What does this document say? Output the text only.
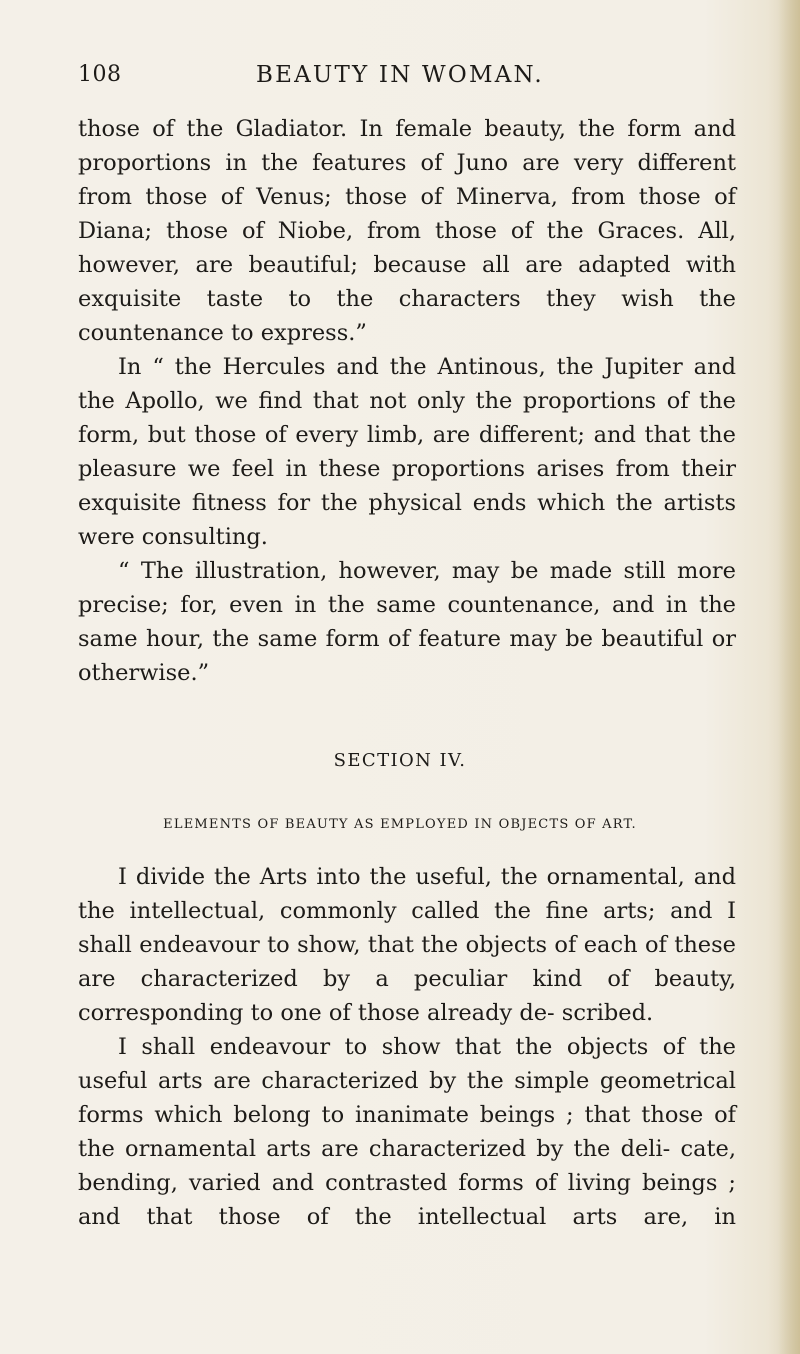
108	BEAUTY IN WOMAN.

those of the Gladiator. In female beauty, the form and proportions in the features of Juno are very different from those of Venus; those of Minerva, from those of Diana; those of Niobe, from those of the Graces. All, however, are beautiful; because all are adapted with exquisite taste to the characters they wish the countenance to express.”

In “ the Hercules and the Antinous, the Jupiter and the Apollo, we find that not only the proportions of the form, but those of every limb, are different; and that the pleasure we feel in these proportions arises from their exquisite fitness for the physical ends which the artists were consulting.

“ The illustration, however, may be made still more precise; for, even in the same countenance, and in the same hour, the same form of feature may be beautiful or otherwise.”

SECTION IV.
ELEMENTS OF BEAUTY AS EMPLOYED IN OBJECTS OF ART.

I divide the Arts into the useful, the ornamental, and the intellectual, commonly called the fine arts; and I shall endeavour to show, that the objects of each of these are characterized by a peculiar kind of beauty, corresponding to one of those already de- scribed.

I shall endeavour to show that the objects of the useful arts are characterized by the simple geometrical forms which belong to inanimate beings ; that those of the ornamental arts are characterized by the deli- cate, bending, varied and contrasted forms of living beings ; and that those of the intellectual arts are, in
